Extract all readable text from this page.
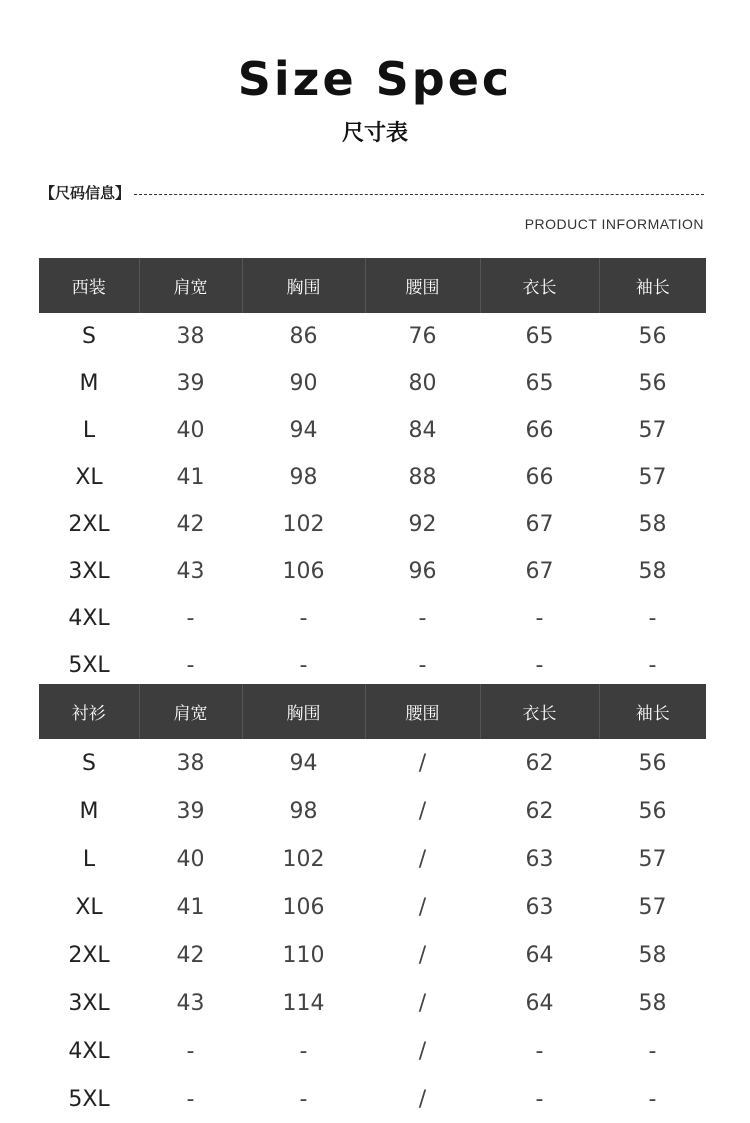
Size Spec
尺寸表
【尺码信息】
PRODUCT INFORMATION
西装	肩宽	胸围	腰围	衣长	袖长
S	38	86	76	65	56
M	39	90	80	65	56
L	40	94	84	66	57
XL	41	98	88	66	57
2XL	42	102	92	67	58
3XL	43	106	96	67	58
4XL	-	-	-	-	-
5XL	-	-	-	-	-
衬衫	肩宽	胸围	腰围	衣长	袖长
S	38	94	/	62	56
M	39	98	/	62	56
L	40	102	/	63	57
XL	41	106	/	63	57
2XL	42	110	/	64	58
3XL	43	114	/	64	58
4XL	-	-	/	-	-
5XL	-	-	/	-	-
